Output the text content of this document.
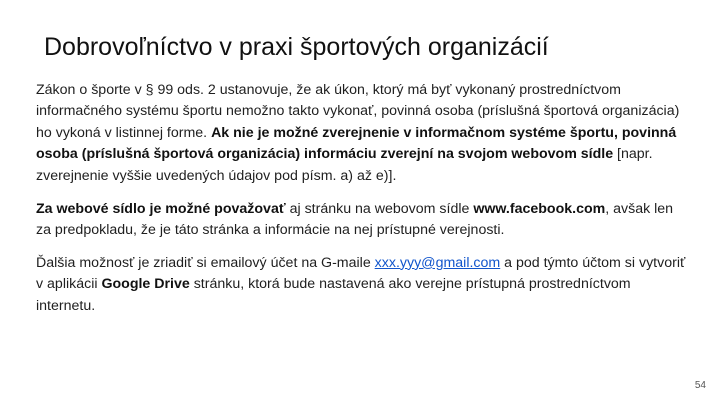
Dobrovoľníctvo v praxi športových organizácií

Zákon o športe v § 99 ods. 2 ustanovuje, že ak úkon, ktorý má byť vykonaný prostredníctvom informačného systému športu nemožno takto vykonať, povinná osoba (príslušná športová organizácia) ho vykoná v listinnej forme. Ak nie je možné zverejnenie v informačnom systéme športu, povinná osoba (príslušná športová organizácia) informáciu zverejní na svojom webovom sídle [napr. zverejnenie vyššie uvedených údajov pod písm. a) až e)].

Za webové sídlo je možné považovať aj stránku na webovom sídle www.facebook.com, avšak len za predpokladu, že je táto stránka a informácie na nej prístupné verejnosti.

Ďalšia možnosť je zriadiť si emailový účet na G-maile xxx.yyy@gmail.com a pod týmto účtom si vytvoriť v aplikácii Google Drive stránku, ktorá bude nastavená ako verejne prístupná prostredníctvom internetu.

54
